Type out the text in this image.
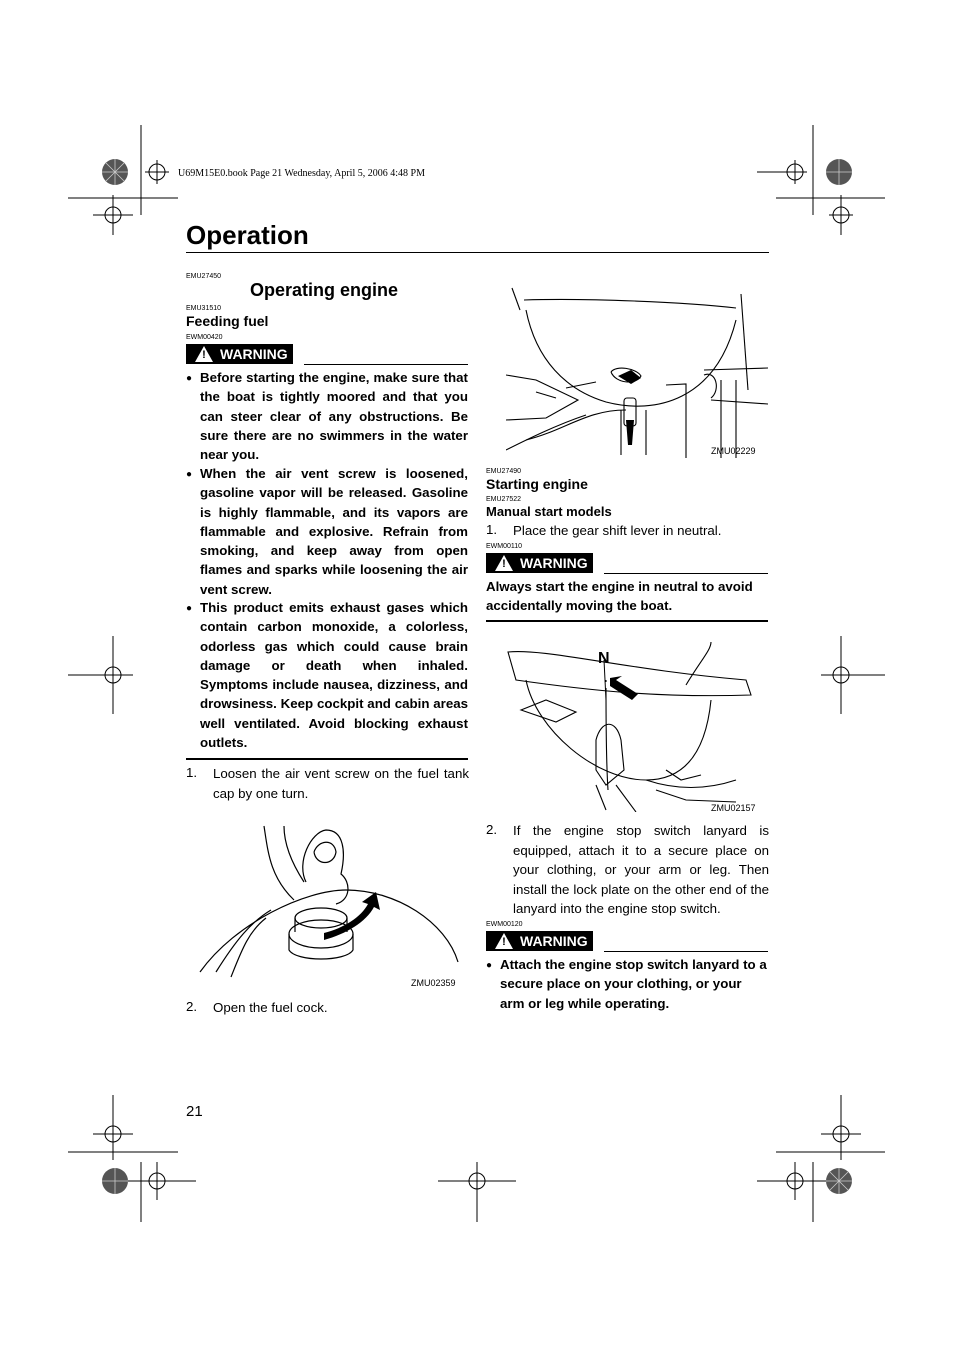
U69M15E0.book Page 21 Wednesday, April 5, 2006 4:48 PM
Operation
EMU27450
Operating engine
EMU31510
Feeding fuel
EWM00420
! WARNING
● Before starting the engine, make sure that the boat is tightly moored and that you can steer clear of any obstructions. Be sure there are no swimmers in the water near you.
● When the air vent screw is loosened, gasoline vapor will be released. Gasoline is highly flammable, and its vapors are flammable and explosive. Refrain from smoking, and keep away from open flames and sparks while loosening the air vent screw.
● This product emits exhaust gases which contain carbon monoxide, a colorless, odorless gas which could cause brain damage or death when inhaled. Symptoms include nausea, dizziness, and drowsiness. Keep cockpit and cabin areas well ventilated. Avoid blocking exhaust outlets.
1. Loosen the air vent screw on the fuel tank cap by one turn.
ZMU02359
2. Open the fuel cock.
ZMU02229
EMU27490
Starting engine
EMU27522
Manual start models
1. Place the gear shift lever in neutral.
EWM00110
! WARNING
Always start the engine in neutral to avoid accidentally moving the boat.
N
ZMU02157
2. If the engine stop switch lanyard is equipped, attach it to a secure place on your clothing, or your arm or leg. Then install the lock plate on the other end of the lanyard into the engine stop switch.
EWM00120
! WARNING
● Attach the engine stop switch lanyard to a secure place on your clothing, or your arm or leg while operating.
21
